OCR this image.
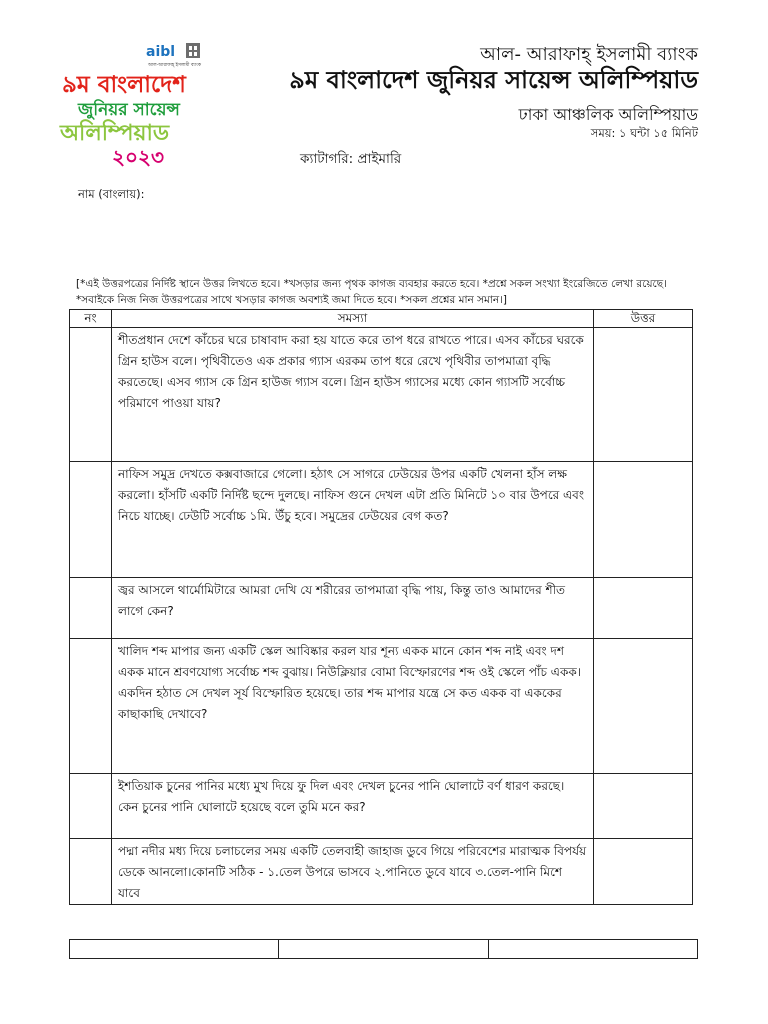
aibl
আল-আরাফাহ্ ইসলামী ব্যাংক
৯ম বাংলাদেশ
জুনিয়র সায়েন্স
অলিম্পিয়াড
২০২৩
আল- আরাফাহ্ ইসলামী ব্যাংক
৯ম বাংলাদেশ জুনিয়র সায়েন্স অলিম্পিয়াড
ঢাকা আঞ্চলিক অলিম্পিয়াড
সময়: ১ ঘন্টা ১৫ মিনিট
ক্যাটাগরি: প্রাইমারি
নাম (বাংলায়):
[*এই উত্তরপত্রের নির্দিষ্ট স্থানে উত্তর লিখতে হবে। *খসড়ার জন্য পৃথক কাগজ ব্যবহার করতে হবে। *প্রশ্নে সকল সংখ্যা ইংরেজিতে লেখা রয়েছে। *সবাইকে নিজ নিজ উত্তরপত্রের সাথে খসড়ার কাগজ অবশ্যই জমা দিতে হবে। *সকল প্রশ্নের মান সমান।]
নং	সমস্যা	উত্তর
	শীতপ্রধান দেশে কাঁচের ঘরে চাষাবাদ করা হয় যাতে করে তাপ ধরে রাখতে পারে। এসব কাঁচের ঘরকে গ্রিন হাউস বলে। পৃথিবীতেও এক প্রকার গ্যাস এরকম তাপ ধরে রেখে পৃথিবীর তাপমাত্রা বৃদ্ধি করতেছে। এসব গ্যাস কে গ্রিন হাউজ গ্যাস বলে। গ্রিন হাউস গ্যাসের মধ্যে কোন গ্যাসটি সর্বোচ্চ পরিমাণে পাওয়া যায়?	
	নাফিস সমুদ্র দেখতে কক্সবাজারে গেলো। হঠাৎ সে সাগরে ঢেউয়ের উপর একটি খেলনা হাঁস লক্ষ করলো। হাঁসটি একটি নির্দিষ্ট ছন্দে দুলছে। নাফিস গুনে দেখল এটা প্রতি মিনিটে ১০ বার উপরে এবং নিচে যাচ্ছে। ঢেউটি সর্বোচ্চ ১মি. উঁচু হবে। সমুদ্রের ঢেউয়ের বেগ কত?	
	জ্বর আসলে থার্মোমিটারে আমরা দেখি যে শরীরের তাপমাত্রা বৃদ্ধি পায়, কিন্তু তাও আমাদের শীত লাগে কেন?	
	খালিদ শব্দ মাপার জন্য একটি স্কেল আবিষ্কার করল যার শূন্য একক মানে কোন শব্দ নাই এবং দশ একক মানে শ্রবণযোগ্য সর্বোচ্চ শব্দ বুঝায়। নিউক্লিয়ার বোমা বিস্ফোরণের শব্দ ওই স্কেলে পাঁচ একক। একদিন হঠাত সে দেখল সূর্য বিস্ফোরিত হয়েছে। তার শব্দ মাপার যন্ত্রে সে কত একক বা এককের কাছাকাছি দেখাবে?	
	ইশতিয়াক চুনের পানির মধ্যে মুখ দিয়ে ফু দিল এবং দেখল চুনের পানি ঘোলাটে বর্ণ ধারণ করছে। কেন চুনের পানি ঘোলাটে হয়েছে বলে তুমি মনে কর?	
	পদ্মা নদীর মধ্য দিয়ে চলাচলের সময় একটি তেলবাহী জাহাজ ডুবে গিয়ে পরিবেশের মারাত্মক বিপর্যয় ডেকে আনলো।কোনটি সঠিক - ১.তেল উপরে ভাসবে ২.পানিতে ডুবে যাবে ৩.তেল-পানি মিশে যাবে	
